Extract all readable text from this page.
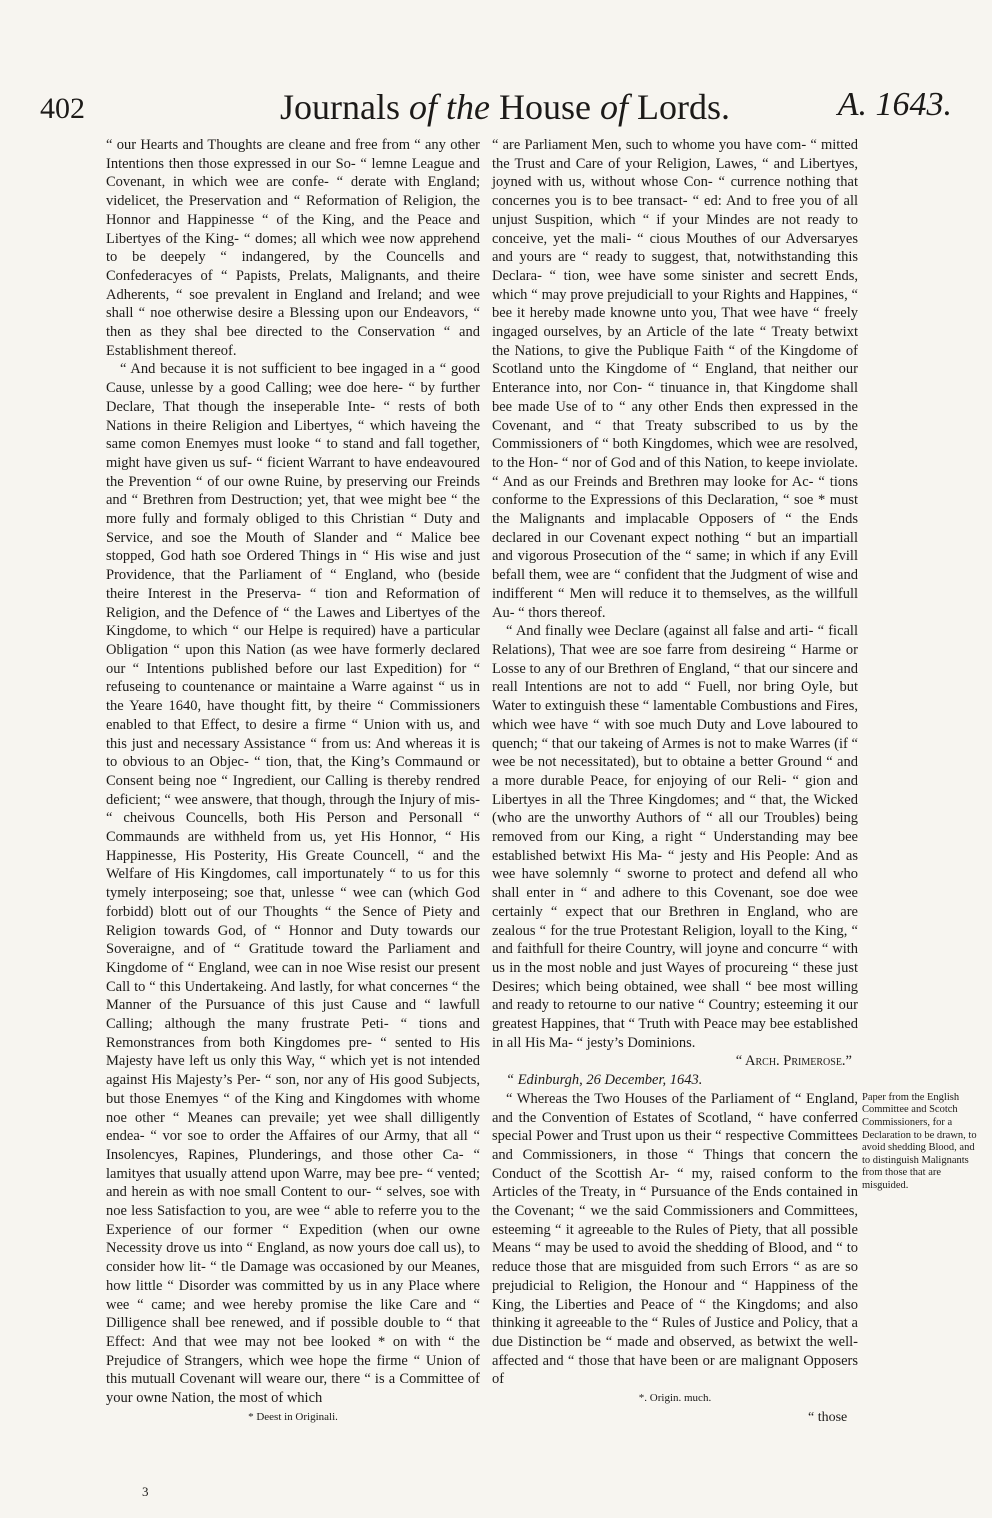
402	Journals of the House of Lords.	A. 1643.

“ our Hearts and Thoughts are cleane and free from “ any other Intentions then those expressed in our So- “ lemne League and Covenant, in which wee are confe- “ derate with England; videlicet, the Preservation and “ Reformation of Religion, the Honnor and Happinesse “ of the King, and the Peace and Libertyes of the King- “ domes; all which wee now apprehend to be deepely “ indangered, by the Councells and Confederacyes of “ Papists, Prelats, Malignants, and theire Adherents, “ soe prevalent in England and Ireland; and wee shall “ noe otherwise desire a Blessing upon our Endeavors, “ then as they shal bee directed to the Conservation “ and Establishment thereof.

“ And because it is not sufficient to bee ingaged in a “ good Cause, unlesse by a good Calling; wee doe here- “ by further Declare, That though the inseperable Inte- “ rests of both Nations in theire Religion and Libertyes, “ which haveing the same comon Enemyes must looke “ to stand and fall together, might have given us suf- “ ficient Warrant to have endeavoured the Prevention “ of our owne Ruine, by preserving our Freinds and “ Brethren from Destruction; yet, that wee might bee “ the more fully and formaly obliged to this Christian “ Duty and Service, and soe the Mouth of Slander and “ Malice bee stopped, God hath soe Ordered Things in “ His wise and just Providence, that the Parliament of “ England, who (beside theire Interest in the Preserva- “ tion and Reformation of Religion, and the Defence of “ the Lawes and Libertyes of the Kingdome, to which “ our Helpe is required) have a particular Obligation “ upon this Nation (as wee have formerly declared our “ Intentions published before our last Expedition) for “ refuseing to countenance or maintaine a Warre against “ us in the Yeare 1640, have thought fitt, by theire “ Commissioners enabled to that Effect, to desire a firme “ Union with us, and this just and necessary Assistance “ from us: And whereas it is to obvious to an Objec- “ tion, that, the King’s Commaund or Consent being noe “ Ingredient, our Calling is thereby rendred deficient; “ wee answere, that though, through the Injury of mis- “ cheivous Councells, both His Person and Personall “ Commaunds are withheld from us, yet His Honnor, “ His Happinesse, His Posterity, His Greate Councell, “ and the Welfare of His Kingdomes, call importunately “ to us for this tymely interposeing; soe that, unlesse “ wee can (which God forbidd) blott out of our Thoughts “ the Sence of Piety and Religion towards God, of “ Honnor and Duty towards our Soveraigne, and of “ Gratitude toward the Parliament and Kingdome of “ England, wee can in noe Wise resist our present Call to “ this Undertakeing. And lastly, for what concernes “ the Manner of the Pursuance of this just Cause and “ lawfull Calling; although the many frustrate Peti- “ tions and Remonstrances from both Kingdomes pre- “ sented to His Majesty have left us only this Way, “ which yet is not intended against His Majesty’s Per- “ son, nor any of His good Subjects, but those Enemyes “ of the King and Kingdomes with whome noe other “ Meanes can prevaile; yet wee shall dilligently endea- “ vor soe to order the Affaires of our Army, that all “ Insolencyes, Rapines, Plunderings, and those other Ca- “ lamityes that usually attend upon Warre, may bee pre- “ vented; and herein as with noe small Content to our- “ selves, soe with noe less Satisfaction to you, are wee “ able to referre you to the Experience of our former “ Expedition (when our owne Necessity drove us into “ England, as now yours doe call us), to consider how lit- “ tle Damage was occasioned by our Meanes, how little “ Disorder was committed by us in any Place where wee “ came; and wee hereby promise the like Care and “ Dilligence shall bee renewed, and if possible double to “ that Effect: And that wee may not bee looked * on with “ the Prejudice of Strangers, which wee hope the firme “ Union of this mutuall Covenant will weare our, there “ is a Committee of your owne Nation, the most of which

* Deest in Originali.

“ are Parliament Men, such to whome you have com- “ mitted the Trust and Care of your Religion, Lawes, “ and Libertyes, joyned with us, without whose Con- “ currence nothing that concernes you is to bee transact- “ ed: And to free you of all unjust Suspition, which “ if your Mindes are not ready to conceive, yet the mali- “ cious Mouthes of our Adversaryes and yours are “ ready to suggest, that, notwithstanding this Declara- “ tion, wee have some sinister and secrett Ends, which “ may prove prejudiciall to your Rights and Happines, “ bee it hereby made knowne unto you, That wee have “ freely ingaged ourselves, by an Article of the late “ Treaty betwixt the Nations, to give the Publique Faith “ of the Kingdome of Scotland unto the Kingdome of “ England, that neither our Enterance into, nor Con- “ tinuance in, that Kingdome shall bee made Use of to “ any other Ends then expressed in the Covenant, and “ that Treaty subscribed to us by the Commissioners of “ both Kingdomes, which wee are resolved, to the Hon- “ nor of God and of this Nation, to keepe inviolate. “ And as our Freinds and Brethren may looke for Ac- “ tions conforme to the Expressions of this Declaration, “ soe * must the Malignants and implacable Opposers of “ the Ends declared in our Covenant expect nothing “ but an impartiall and vigorous Prosecution of the “ same; in which if any Evill befall them, wee are “ confident that the Judgment of wise and indifferent “ Men will reduce it to themselves, as the willfull Au- “ thors thereof.

“ And finally wee Declare (against all false and arti- “ ficall Relations), That wee are soe farre from desireing “ Harme or Losse to any of our Brethren of England, “ that our sincere and reall Intentions are not to add “ Fuell, nor bring Oyle, but Water to extinguish these “ lamentable Combustions and Fires, which wee have “ with soe much Duty and Love laboured to quench; “ that our takeing of Armes is not to make Warres (if “ wee be not necessitated), but to obtaine a better Ground “ and a more durable Peace, for enjoying of our Reli- “ gion and Libertyes in all the Three Kingdomes; and “ that, the Wicked (who are the unworthy Authors of “ all our Troubles) being removed from our King, a right “ Understanding may bee established betwixt His Ma- “ jesty and His People: And as wee have solemnly “ sworne to protect and defend all who shall enter in “ and adhere to this Covenant, soe doe wee certainly “ expect that our Brethren in England, who are zealous “ for the true Protestant Religion, loyall to the King, “ and faithfull for theire Country, will joyne and concurre “ with us in the most noble and just Wayes of procureing “ these just Desires; which being obtained, wee shall “ bee most willing and ready to retourne to our native “ Country; esteeming it our greatest Happines, that “ Truth with Peace may bee established in all His Ma- “ jesty’s Dominions.

“ Arch. Primerose.”

“ Edinburgh, 26 December, 1643.

“ Whereas the Two Houses of the Parliament of “ England, and the Convention of Estates of Scotland, “ have conferred special Power and Trust upon us their “ respective Committees and Commissioners, in those “ Things that concern the Conduct of the Scottish Ar- “ my, raised conform to the Articles of the Treaty, in “ Pursuance of the Ends contained in the Covenant; “ we the said Commissioners and Committees, esteeming “ it agreeable to the Rules of Piety, that all possible Means “ may be used to avoid the shedding of Blood, and “ to reduce those that are misguided from such Errors “ as are so prejudicial to Religion, the Honour and “ Happiness of the King, the Liberties and Peace of “ the Kingdoms; and also thinking it agreeable to the “ Rules of Justice and Policy, that a due Distinction be “ made and observed, as betwixt the well-affected and “ those that have been or are malignant Opposers of

*. Origin. much.

Paper from the English Committee and Scotch Commissioners, for a Declaration to be drawn, to avoid shedding Blood, and to distinguish Malignants from those that are misguided.
3
“ those
